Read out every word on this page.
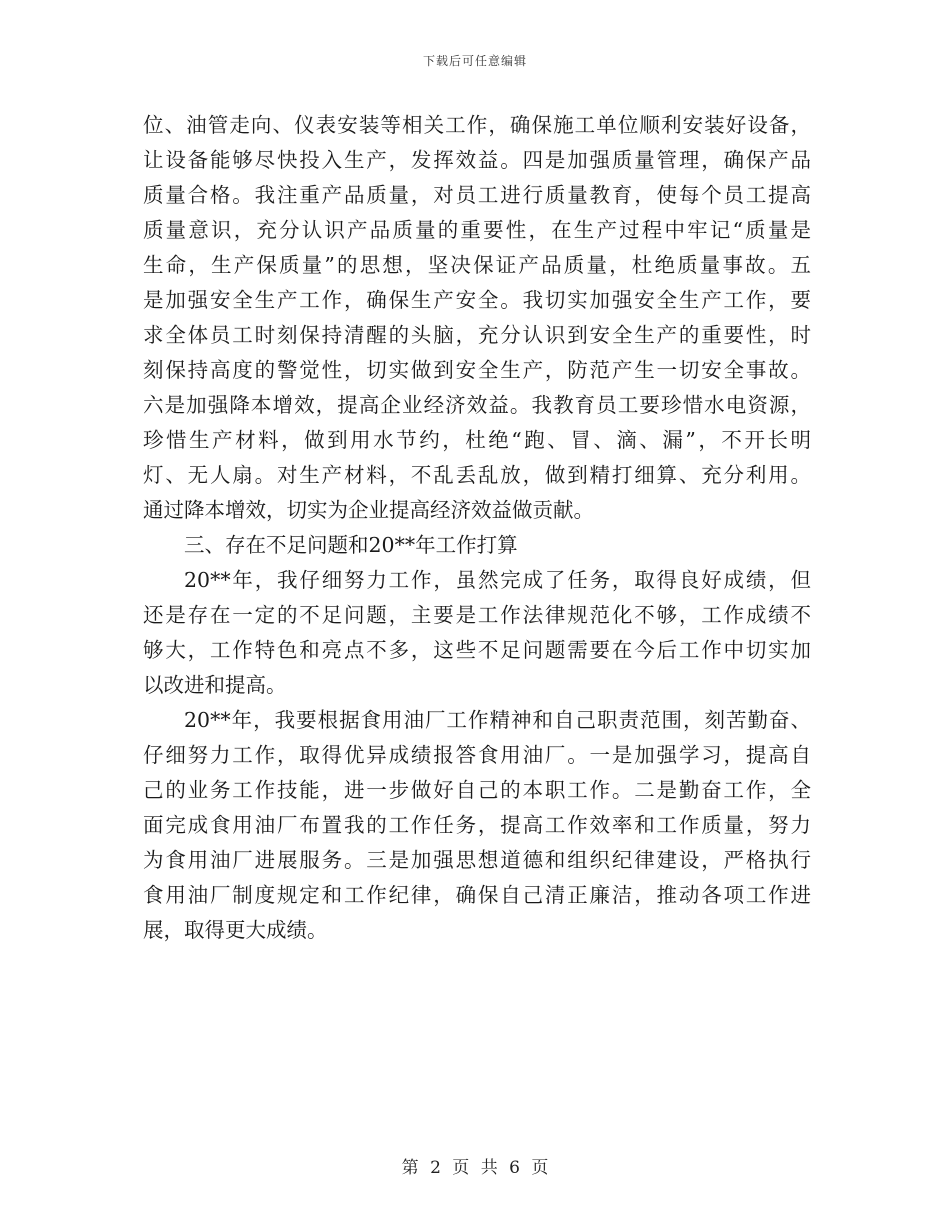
下载后可任意编辑
位、油管走向、仪表安装等相关工作，确保施工单位顺利安装好设备，
让设备能够尽快投入生产，发挥效益。四是加强质量管理，确保产品
质量合格。我注重产品质量，对员工进行质量教育，使每个员工提高
质量意识，充分认识产品质量的重要性，在生产过程中牢记“质量是
生命，生产保质量”的思想，坚决保证产品质量，杜绝质量事故。五
是加强安全生产工作，确保生产安全。我切实加强安全生产工作，要
求全体员工时刻保持清醒的头脑，充分认识到安全生产的重要性，时
刻保持高度的警觉性，切实做到安全生产，防范产生一切安全事故。
六是加强降本增效，提高企业经济效益。我教育员工要珍惜水电资源，
珍惜生产材料，做到用水节约，杜绝“跑、冒、滴、漏”，不开长明
灯、无人扇。对生产材料，不乱丢乱放，做到精打细算、充分利用。
通过降本增效，切实为企业提高经济效益做贡献。
三、存在不足问题和20**年工作打算
20**年，我仔细努力工作，虽然完成了任务，取得良好成绩，但
还是存在一定的不足问题，主要是工作法律规范化不够，工作成绩不
够大，工作特色和亮点不多，这些不足问题需要在今后工作中切实加
以改进和提高。
20**年，我要根据食用油厂工作精神和自己职责范围，刻苦勤奋、
仔细努力工作，取得优异成绩报答食用油厂。一是加强学习，提高自
己的业务工作技能，进一步做好自己的本职工作。二是勤奋工作，全
面完成食用油厂布置我的工作任务，提高工作效率和工作质量，努力
为食用油厂进展服务。三是加强思想道德和组织纪律建设，严格执行
食用油厂制度规定和工作纪律，确保自己清正廉洁，推动各项工作进
展，取得更大成绩。
第 2 页 共 6 页
